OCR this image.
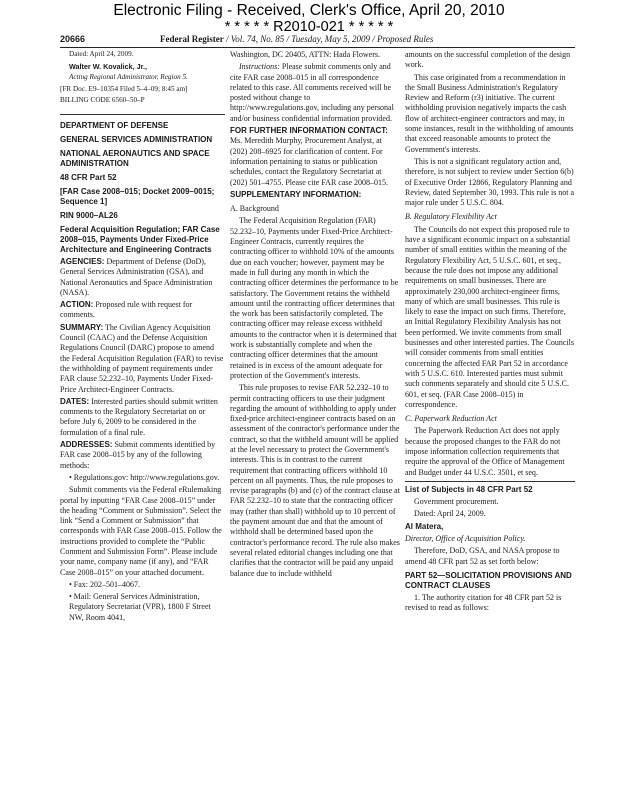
Electronic Filing - Received, Clerk's Office, April 20, 2010
* * * * * R2010-021 * * * * *
20666	Federal Register / Vol. 74, No. 85 / Tuesday, May 5, 2009 / Proposed Rules

Dated: April 24, 2009.

Walter W. Kovalick, Jr.,

Acting Regional Administrator, Region 5.

[FR Doc. E9–10354 Filed 5–4–09; 8:45 am]

BILLING CODE 6560–50–P

DEPARTMENT OF DEFENSE

GENERAL SERVICES ADMINISTRATION

NATIONAL AERONAUTICS AND SPACE ADMINISTRATION

48 CFR Part 52

[FAR Case 2008–015; Docket 2009–0015; Sequence 1]

RIN 9000–AL26

Federal Acquisition Regulation; FAR Case 2008–015, Payments Under Fixed-Price Architecture and Engineering Contracts

AGENCIES: Department of Defense (DoD), General Services Administration (GSA), and National Aeronautics and Space Administration (NASA).

ACTION: Proposed rule with request for comments.

SUMMARY: The Civilian Agency Acquisition Council (CAAC) and the Defense Acquisition Regulations Council (DARC) propose to amend the Federal Acquisition Regulation (FAR) to revise the withholding of payment requirements under FAR clause 52.232–10, Payments Under Fixed-Price Architect-Engineer Contracts.

DATES: Interested parties should submit written comments to the Regulatory Secretariat on or before July 6, 2009 to be considered in the formulation of a final rule.

ADDRESSES: Submit comments identified by FAR case 2008–015 by any of the following methods:

• Regulations.gov: http://www.regulations.gov.

Submit comments via the Federal eRulemaking portal by inputting “FAR Case 2008–015” under the heading “Comment or Submission”. Select the link “Send a Comment or Submission” that corresponds with FAR Case 2008–015. Follow the instructions provided to complete the “Public Comment and Submission Form”. Please include your name, company name (if any), and “FAR Case 2008–015” on your attached document.

• Fax: 202–501–4067.

• Mail: General Services Administration, Regulatory Secretariat (VPR), 1800 F Street NW, Room 4041,

Washington, DC 20405, ATTN: Hada Flowers.

Instructions: Please submit comments only and cite FAR case 2008–015 in all correspondence related to this case. All comments received will be posted without change to http://www.regulations.gov, including any personal and/or business confidential information provided.

FOR FURTHER INFORMATION CONTACT: Ms. Meredith Murphy, Procurement Analyst, at (202) 208–6925 for clarification of content. For information pertaining to status or publication schedules, contact the Regulatory Secretariat at (202) 501–4755. Please cite FAR case 2008–015.

SUPPLEMENTARY INFORMATION:

A. Background

The Federal Acquisition Regulation (FAR) 52.232–10, Payments under Fixed-Price Architect-Engineer Contracts, currently requires the contracting officer to withhold 10% of the amounts due on each voucher; however, payment may be made in full during any month in which the contracting officer determines the performance to be satisfactory. The Government retains the withheld amount until the contracting officer determines that the work has been satisfactorily completed. The contracting officer may release excess withheld amounts to the contractor when it is determined that work is substantially complete and when the contracting officer determines that the amount retained is in excess of the amount adequate for protection of the Government's interests.

This rule proposes to revise FAR 52.232–10 to permit contracting officers to use their judgment regarding the amount of withholding to apply under fixed-price architect-engineer contracts based on an assessment of the contractor's performance under the contract, so that the withheld amount will be applied at the level necessary to protect the Government's interests. This is in contrast to the current requirement that contracting officers withhold 10 percent on all payments. Thus, the rule proposes to revise paragraphs (b) and (c) of the contract clause at FAR 52.232–10 to state that the contracting officer may (rather than shall) withhold up to 10 percent of the payment amount due and that the amount of withhold shall be determined based upon the contractor's performance record. The rule also makes several related editorial changes including one that clarifies that the contractor will be paid any unpaid balance due to include withheld

amounts on the successful completion of the design work.

This case originated from a recommendation in the Small Business Administration's Regulatory Review and Reform (r3) initiative. The current withholding provision negatively impacts the cash flow of architect-engineer contractors and may, in some instances, result in the withholding of amounts that exceed reasonable amounts to protect the Government's interests.

This is not a significant regulatory action and, therefore, is not subject to review under Section 6(b) of Executive Order 12866, Regulatory Planning and Review, dated September 30, 1993. This rule is not a major rule under 5 U.S.C. 804.

B. Regulatory Flexibility Act

The Councils do not expect this proposed rule to have a significant economic impact on a substantial number of small entities within the meaning of the Regulatory Flexibility Act, 5 U.S.C. 601, et seq., because the rule does not impose any additional requirements on small businesses. There are approximately 230,000 architect-engineer firms, many of which are small businesses. This rule is likely to ease the impact on such firms. Therefore, an Initial Regulatory Flexibility Analysis has not been performed. We invite comments from small businesses and other interested parties. The Councils will consider comments from small entities concerning the affected FAR Part 52 in accordance with 5 U.S.C. 610. Interested parties must submit such comments separately and should cite 5 U.S.C. 601, et seq. (FAR Case 2008–015) in correspondence.

C. Paperwork Reduction Act

The Paperwork Reduction Act does not apply because the proposed changes to the FAR do not impose information collection requirements that require the approval of the Office of Management and Budget under 44 U.S.C. 3501, et seq.

List of Subjects in 48 CFR Part 52

Government procurement.

Dated: April 24, 2009.

Al Matera,

Director, Office of Acquisition Policy.

Therefore, DoD, GSA, and NASA propose to amend 48 CFR part 52 as set forth below:

PART 52—SOLICITATION PROVISIONS AND CONTRACT CLAUSES

1. The authority citation for 48 CFR part 52 is revised to read as follows:
